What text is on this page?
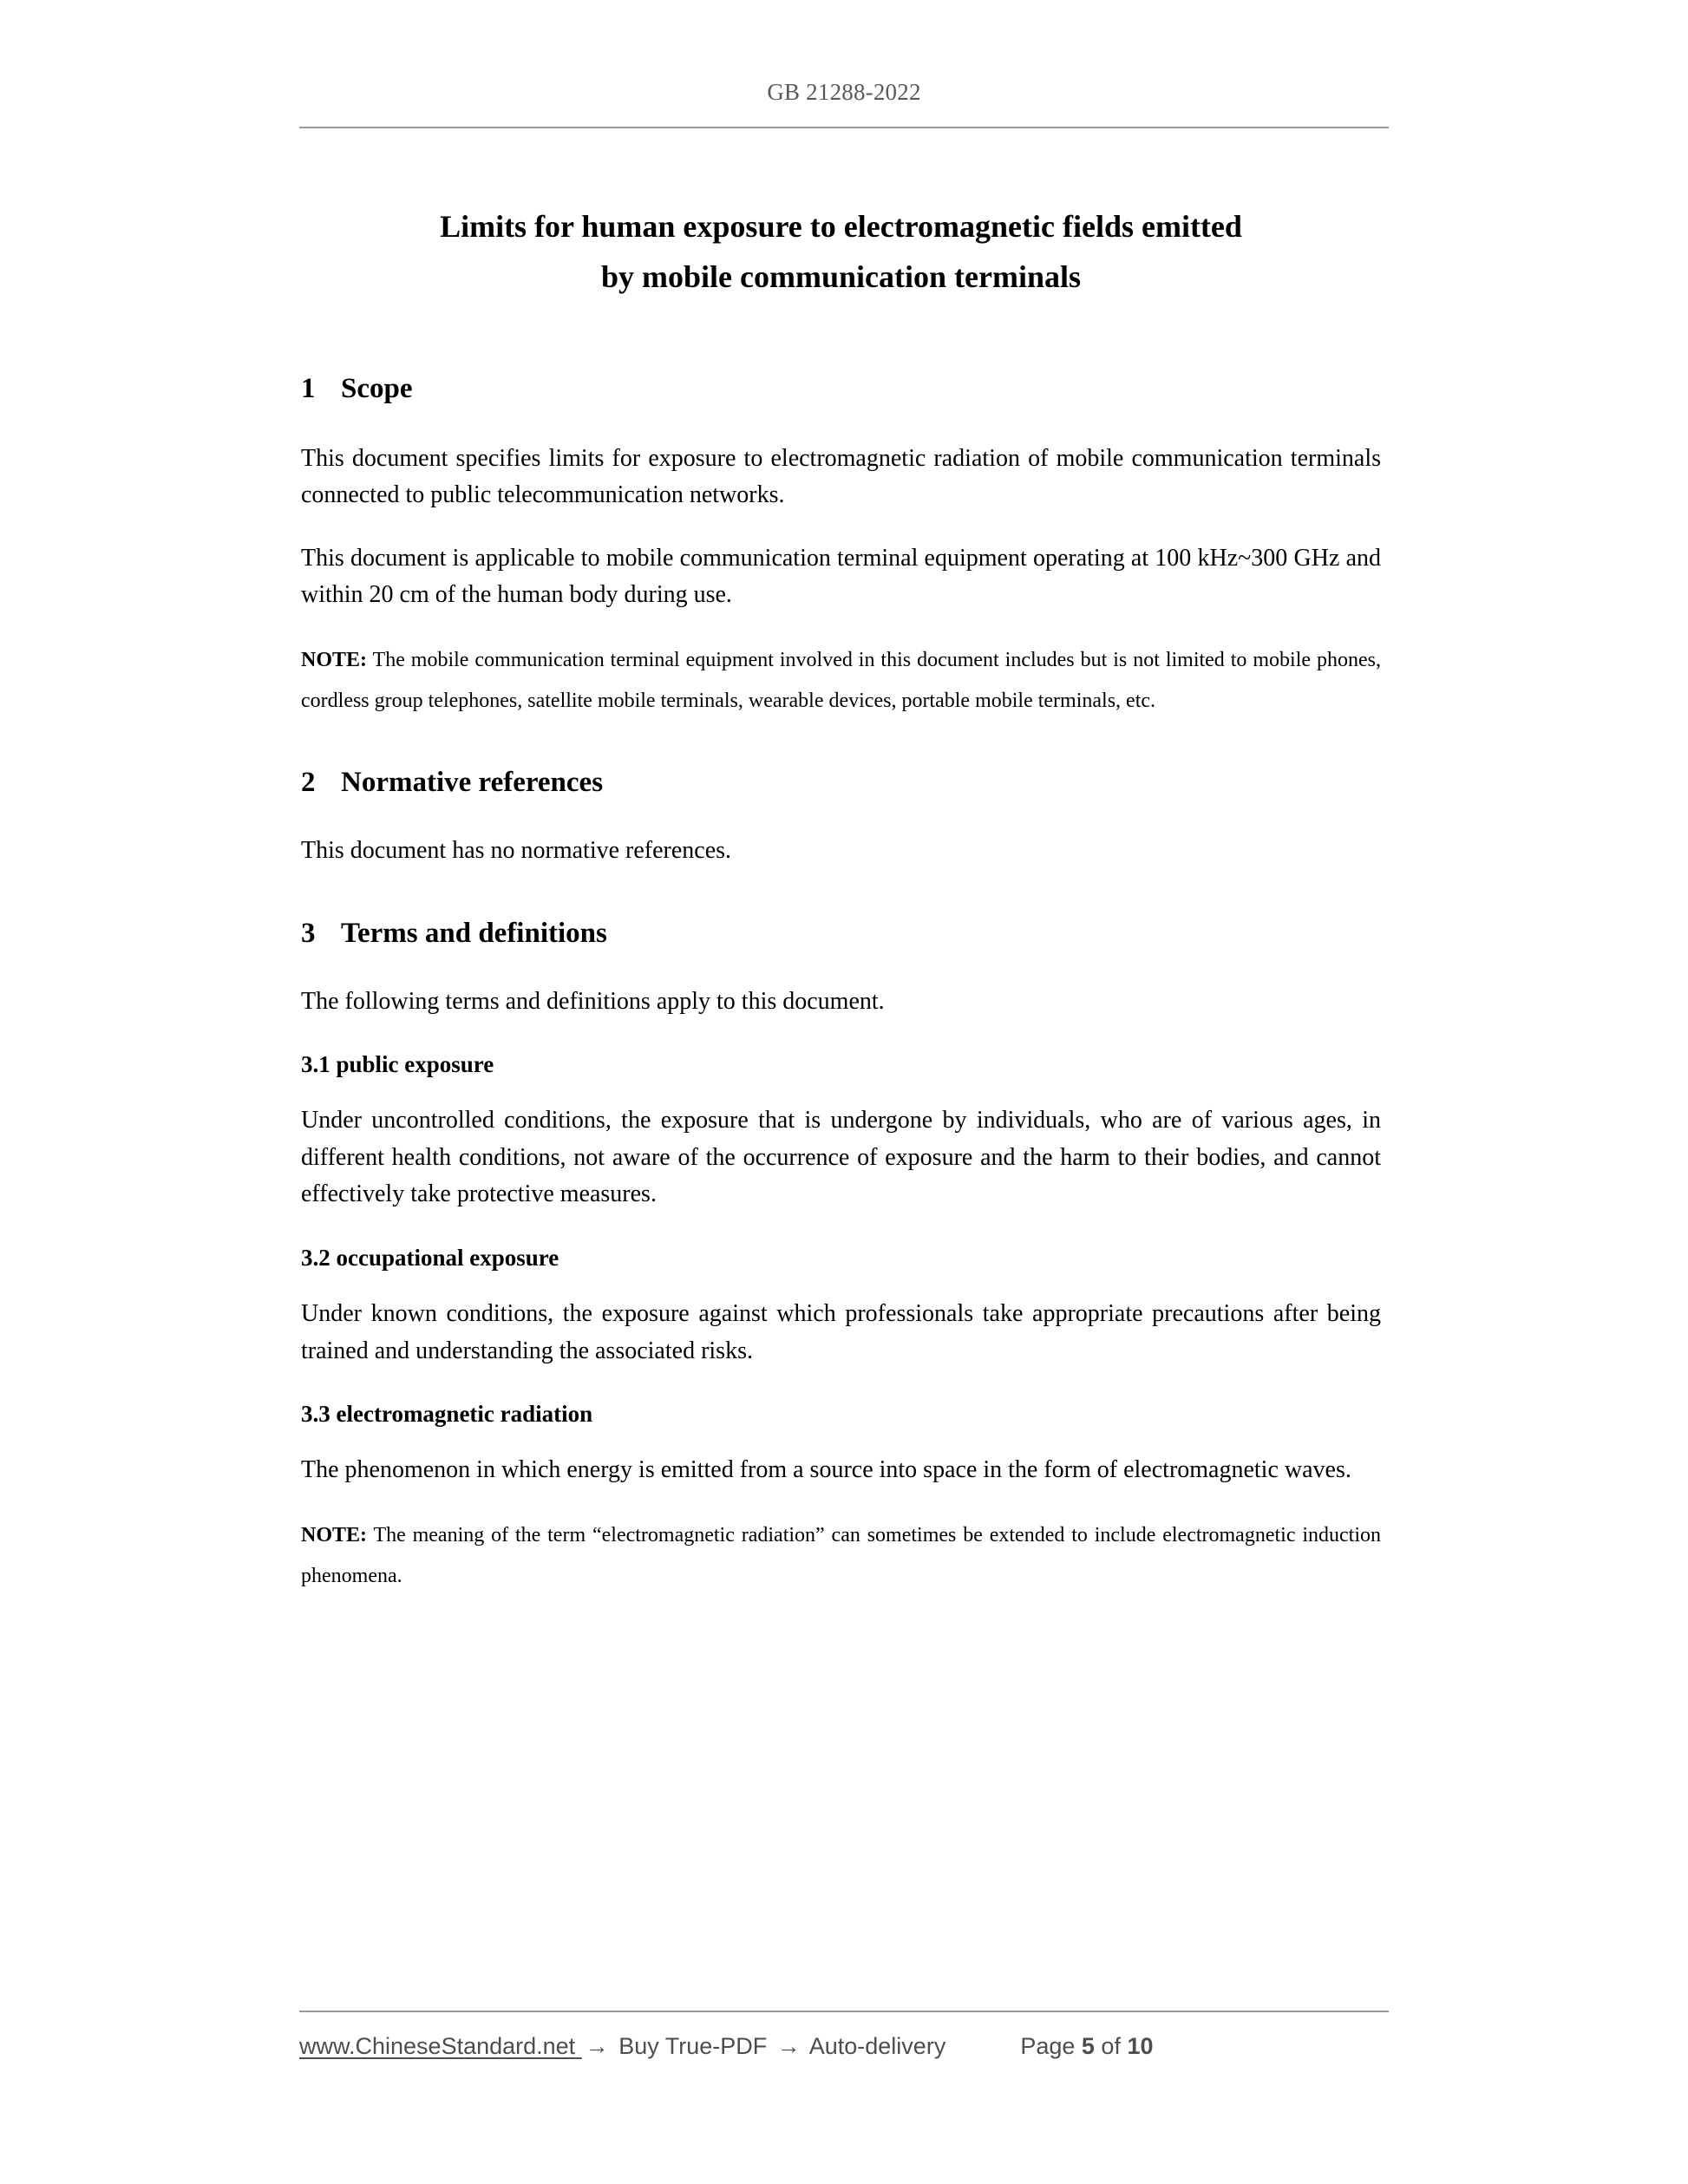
GB 21288-2022
Limits for human exposure to electromagnetic fields emitted
by mobile communication terminals
1 Scope

This document specifies limits for exposure to electromagnetic radiation of mobile communication terminals connected to public telecommunication networks.

This document is applicable to mobile communication terminal equipment operating at 100 kHz~300 GHz and within 20 cm of the human body during use.

NOTE: The mobile communication terminal equipment involved in this document includes but is not limited to mobile phones, cordless group telephones, satellite mobile terminals, wearable devices, portable mobile terminals, etc.

2 Normative references

This document has no normative references.

3 Terms and definitions

The following terms and definitions apply to this document.

3.1 public exposure

Under uncontrolled conditions, the exposure that is undergone by individuals, who are of various ages, in different health conditions, not aware of the occurrence of exposure and the harm to their bodies, and cannot effectively take protective measures.

3.2 occupational exposure

Under known conditions, the exposure against which professionals take appropriate precautions after being trained and understanding the associated risks.

3.3 electromagnetic radiation

The phenomenon in which energy is emitted from a source into space in the form of electromagnetic waves.

NOTE: The meaning of the term “electromagnetic radiation” can sometimes be extended to include electromagnetic induction phenomena.

www.ChineseStandard.net → Buy True-PDF → Auto-delivery	Page 5 of 10
